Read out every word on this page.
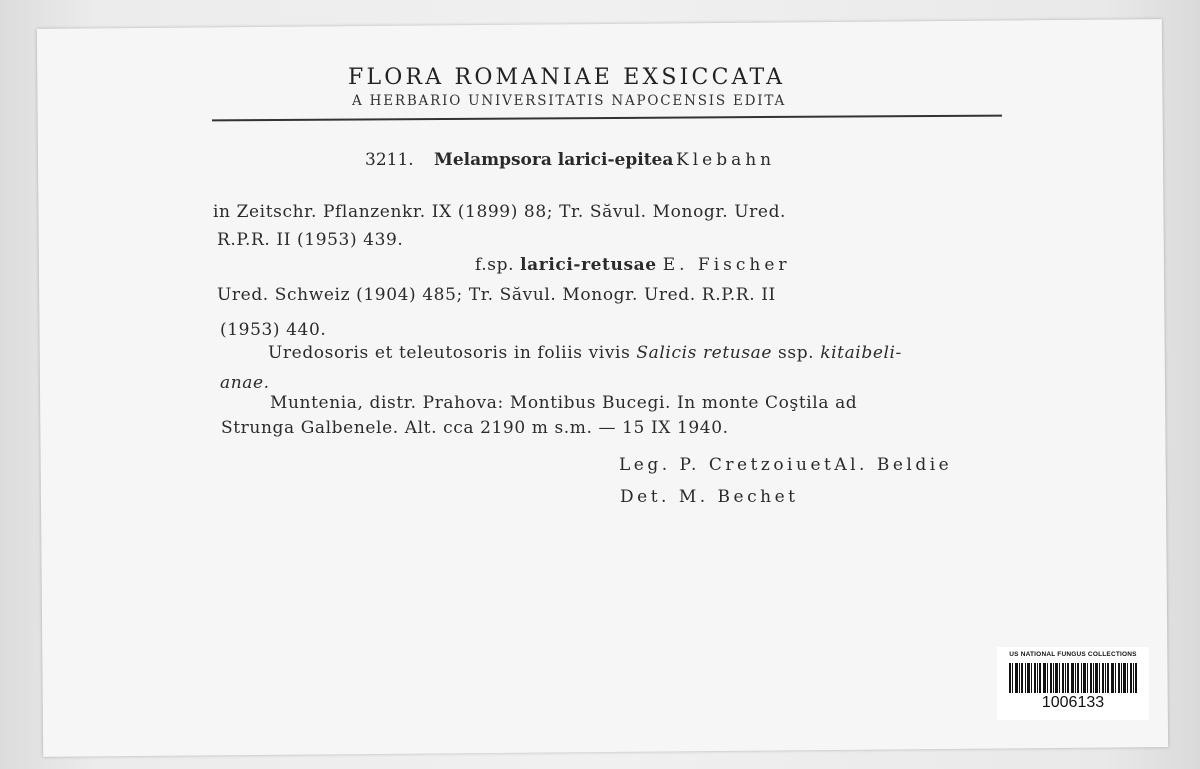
FLORA ROMANIAE EXSICCATA
A HERBARIO UNIVERSITATIS NAPOCENSIS EDITA
3211. Melampsora larici-epitea Klebahn
in Zeitschr. Pflanzenkr. IX (1899) 88; Tr. Săvul. Monogr. Ured.
R.P.R. II (1953) 439.
f.sp. larici-retusae E. Fischer
Ured. Schweiz (1904) 485; Tr. Săvul. Monogr. Ured. R.P.R. II
(1953) 440.
Uredosoris et teleutosoris in foliis vivis Salicis retusae ssp. kitaibeli-
anae.
Muntenia, distr. Prahova: Montibus Bucegi. In monte Coştila ad
Strunga Galbenele. Alt. cca 2190 m s.m. — 15 IX 1940.
Leg. P. CretzoiuetAl. Beldie
Det. M. Bechet
US NATIONAL FUNGUS COLLECTIONS
1006133
